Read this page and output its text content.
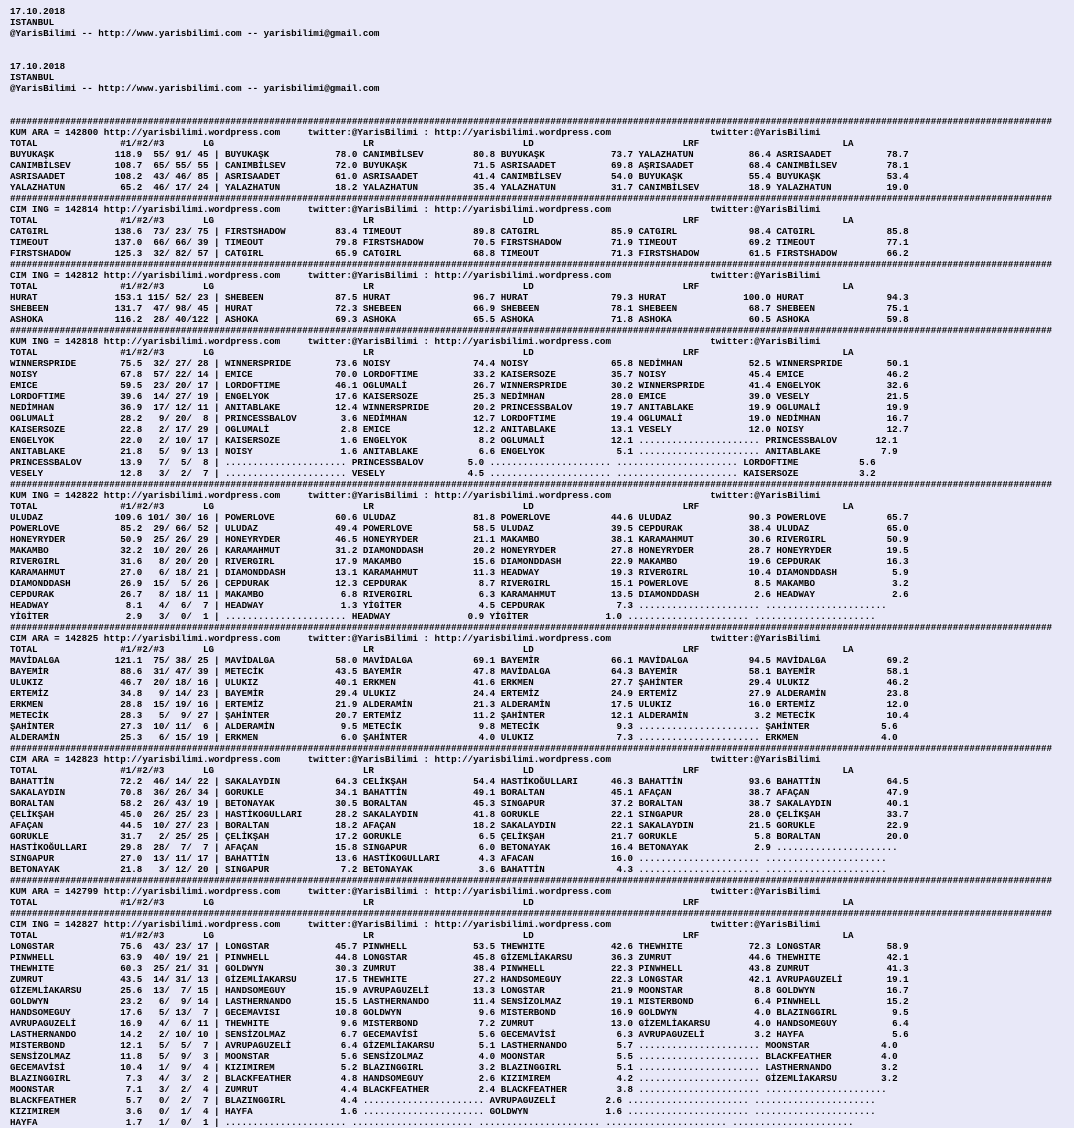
17.10.2018
ISTANBUL
@YarisBilimi -- http://www.yarisbilimi.com -- yarisbilimi@gmail.com
17.10.2018
ISTANBUL
@YarisBilimi -- http://www.yarisbilimi.com -- yarisbilimi@gmail.com
#############################################################################################################################################################################################
KUM ARA = 142800 http://yarisbilimi.wordpress.com     twitter:@YarisBilimi : http://yarisbilimi.wordpress.com                  twitter:@YarisBilimi
TOTAL               #1/#2/#3       LG                           LR                           LD                           LRF                          LA
BUYUKAŞK           118.9  55/ 91/ 45 | BUYUKAŞK            78.0 CANIMBİLSEV         80.8 BUYUKAŞK            73.7 YALAZHATUN          86.4 ASRISAADET          78.7
CANIMBİLSEV        108.7  65/ 55/ 55 | CANIMBİLSEV         72.0 BUYUKAŞK            71.5 ASRISAADET          69.8 AŞRISAADET          68.4 CANIMBİLSEV         78.1
ASRISAADET         108.2  43/ 46/ 85 | ASRISAADET          61.0 ASRISAADET          41.4 CANIMBİLSEV         54.0 BUYUKAŞK            55.4 BUYUKAŞK            53.4
YALAZHATUN          65.2  46/ 17/ 24 | YALAZHATUN          18.2 YALAZHATUN          35.4 YALAZHATUN          31.7 CANIMBİLSEV         18.9 YALAZHATUN          19.0
#############################################################################################################################################################################################
CIM ING = 142814 http://yarisbilimi.wordpress.com     twitter:@YarisBilimi : http://yarisbilimi.wordpress.com                  twitter:@YarisBilimi
TOTAL               #1/#2/#3       LG                           LR                           LD                           LRF                          LA
CATGIRL            138.6  73/ 23/ 75 | FIRSTSHADOW         83.4 TIMEOUT             89.8 CATGIRL             85.9 CATGIRL             98.4 CATGIRL             85.8
TIMEOUT            137.0  66/ 66/ 39 | TIMEOUT             79.8 FIRSTSHADOW         70.5 FIRSTSHADOW         71.9 TIMEOUT             69.2 TIMEOUT             77.1
FIRSTSHADOW        125.3  32/ 82/ 57 | CATGIRL             65.9 CATGIRL             68.8 TIMEOUT             71.3 FIRSTSHADOW         61.5 FIRSTSHADOW         66.2
#############################################################################################################################################################################################
CIM ING = 142812 http://yarisbilimi.wordpress.com     twitter:@YarisBilimi : http://yarisbilimi.wordpress.com                  twitter:@YarisBilimi
TOTAL               #1/#2/#3       LG                           LR                           LD                           LRF                          LA
HURAT              153.1 115/ 52/ 23 | SHEBEEN             87.5 HURAT               96.7 HURAT               79.3 HURAT              100.0 HURAT               94.3
SHEBEEN            131.7  47/ 98/ 45 | HURAT               72.3 SHEBEEN             66.9 SHEBEEN             78.1 SHEBEEN             68.7 SHEBEEN             75.1
ASHOKA             116.2  28/ 40/122 | ASHOKA              69.3 ASHOKA              65.5 ASHOKA              71.8 ASHOKA              60.5 ASHOKA              59.8
#############################################################################################################################################################################################
KUM ING = 142818 http://yarisbilimi.wordpress.com     twitter:@YarisBilimi : http://yarisbilimi.wordpress.com                  twitter:@YarisBilimi
TOTAL               #1/#2/#3       LG                           LR                           LD                           LRF                          LA
WINNERSPRIDE        75.5  32/ 27/ 28 | WINNERSPRIDE        73.6 NOISY               74.4 NOISY               65.8 NEDİMHAN            52.5 WINNERSPRIDE        50.1
NOISY               67.8  57/ 22/ 14 | EMICE               70.0 LORDOFTIME          33.2 KAISERSOZE          35.7 NOISY               45.4 EMICE               46.2
EMICE               59.5  23/ 20/ 17 | LORDOFTIME          46.1 OGLUMALİ            26.7 WINNERSPRIDE        30.2 WINNERSPRIDE        41.4 ENGELYOK            32.6
LORDOFTIME          39.6  14/ 27/ 19 | ENGELYOK            17.6 KAISERSOZE          25.3 NEDİMHAN            28.0 EMICE               39.0 VESELY              21.5
NEDİMHAN            36.9  17/ 12/ 11 | ANITABLAKE          12.4 WINNERSPRIDE        20.2 PRINCESSBALOV       19.7 ANITABLAKE          19.9 OGLUMALİ            19.9
OGLUMALİ            28.2   9/ 20/  8 | PRINCESSBALOV        3.6 NEDİMHAN            12.7 LORDOFTIME          19.4 OGLUMALİ            19.0 NEDİMHAN            16.7
KAISERSOZE          22.8   2/ 17/ 29 | OGLUMALİ             2.8 EMICE               12.2 ANITABLAKE          13.1 VESELY              12.0 NOISY               12.7
ENGELYOK            22.0   2/ 10/ 17 | KAISERSOZE           1.6 ENGELYOK             8.2 OGLUMALİ            12.1 ...................... PRINCESSBALOV       12.1
ANITABLAKE          21.8   5/  9/ 13 | NOISY                1.6 ANITABLAKE           6.6 ENGELYOK             5.1 ...................... ANITABLAKE           7.9
PRINCESSBALOV       13.9   7/  5/  8 | ...................... PRINCESSBALOV        5.0 ...................... ...................... LORDOFTIME           5.6
VESELY              12.8   3/  2/  7 | ...................... VESELY               4.5 ...................... ...................... KAISERSOZE           3.2
#############################################################################################################################################################################################
KUM ING = 142822 http://yarisbilimi.wordpress.com     twitter:@YarisBilimi : http://yarisbilimi.wordpress.com                  twitter:@YarisBilimi
TOTAL               #1/#2/#3       LG                           LR                           LD                           LRF                          LA
ULUDAZ             109.6 101/ 30/ 16 | POWERLOVE           60.6 ULUDAZ              81.8 POWERLOVE           44.6 ULUDAZ              90.3 POWERLOVE           65.7
POWERLOVE           85.2  29/ 66/ 52 | ULUDAZ              49.4 POWERLOVE           58.5 ULUDAZ              39.5 CEPDURAK            38.4 ULUDAZ              65.0
HONEYRYDER          50.9  25/ 26/ 29 | HONEYRYDER          46.5 HONEYRYDER          21.1 MAKAMBO             38.1 KARAMAHMUT          30.6 RIVERGIRL           50.9
MAKAMBO             32.2  10/ 20/ 26 | KARAMAHMUT          31.2 DIAMONDDASH         20.2 HONEYRYDER          27.8 HONEYRYDER          28.7 HONEYRYDER          19.5
RIVERGIRL           31.6   8/ 20/ 20 | RIVERGIRL           17.9 MAKAMBO             15.6 DIAMONDDASH         22.9 MAKAMBO             19.6 CEPDURAK            16.3
KARAMAHMUT          27.0   6/ 18/ 21 | DIAMONDDASH         13.1 KARAMAHMUT          11.3 HEADWAY             19.3 RIVERGIRL           10.4 DIAMONDDASH          5.9
DIAMONDDASH         26.9  15/  5/ 26 | CEPDURAK            12.3 CEPDURAK             8.7 RIVERGIRL           15.1 POWERLOVE            8.5 MAKAMBO              3.2
CEPDURAK            26.7   8/ 18/ 11 | MAKAMBO              6.8 RIVERGIRL            6.3 KARAMAHMUT          13.5 DIAMONDDASH          2.6 HEADWAY              2.6
HEADWAY              8.1   4/  6/  7 | HEADWAY              1.3 YİGİTER              4.5 CEPDURAK             7.3 ...................... ......................
YİGİTER              2.9   3/  0/  1 | ...................... HEADWAY              0.9 YİGİTER              1.0 ...................... ......................
#############################################################################################################################################################################################
CIM ARA = 142825 http://yarisbilimi.wordpress.com     twitter:@YarisBilimi : http://yarisbilimi.wordpress.com                  twitter:@YarisBilimi
TOTAL               #1/#2/#3       LG                           LR                           LD                           LRF                          LA
MAVİDALGA          121.1  75/ 38/ 25 | MAVİDALGA           58.0 MAVİDALGA           69.1 BAYEMİR             66.1 MAVİDALGA           94.5 MAVİDALGA           69.2
BAYEMİR             88.6  31/ 47/ 39 | METECİK             43.5 BAYEMİR             47.8 MAVİDALGA           64.3 BAYEMİR             58.1 BAYEMİR             58.1
ULUKIZ              46.7  20/ 18/ 16 | ULUKIZ              40.1 ERKMEN              41.6 ERKMEN              27.7 ŞAHİNTER            29.4 ULUKIZ              46.2
ERTEMİZ             34.8   9/ 14/ 23 | BAYEMİR             29.4 ULUKIZ              24.4 ERTEMİZ             24.9 ERTEMİZ             27.9 ALDERAMİN           23.8
ERKMEN              28.8  15/ 19/ 16 | ERTEMİZ             21.9 ALDERAMİN           21.3 ALDERAMİN           17.5 ULUKIZ              16.0 ERTEMİZ             12.0
METECİK             28.3   5/  9/ 27 | ŞAHİNTER            20.7 ERTEMİZ             11.2 ŞAHİNTER            12.1 ALDERAMİN            3.2 METECİK             10.4
ŞAHİNTER            27.3  10/ 11/  6 | ALDERAMİN            9.5 METECİK              9.8 METECİK              9.3 ...................... ŞAHİNTER             5.6
ALDERAMİN           25.3   6/ 15/ 19 | ERKMEN               6.0 ŞAHİNTER             4.0 ULUKIZ               7.3 ...................... ERKMEN               4.0
#############################################################################################################################################################################################
CIM ARA = 142823 http://yarisbilimi.wordpress.com     twitter:@YarisBilimi : http://yarisbilimi.wordpress.com                  twitter:@YarisBilimi
TOTAL               #1/#2/#3       LG                           LR                           LD                           LRF                          LA
BAHATTİN            72.2  46/ 14/ 22 | SAKALAYDIN          64.3 CELİKŞAH            54.4 HASTİKOĞULLARI      46.3 BAHATTİN            93.6 BAHATTİN            64.5
SAKALAYDIN          70.8  36/ 26/ 34 | GORUKLE             34.1 BAHATTİN            49.1 BORALTAN            45.1 AFAÇAN              38.7 AFAÇAN              47.9
BORALTAN            58.2  26/ 43/ 19 | BETONAYAK           30.5 BORALTAN            45.3 SINGAPUR            37.2 BORALTAN            38.7 SAKALAYDIN          40.1
ÇELİKŞAH            45.0  26/ 25/ 23 | HASTİKOGULLARI      28.2 SAKALAYDIN          41.8 GORUKLE             22.1 SINGAPUR            28.0 ÇELİKŞAH            33.7
AFAÇAN              44.5  10/ 27/ 23 | BORALTAN            18.2 AFAÇAN              18.2 SAKALAYDIN          22.1 SAKALAYDIN          21.5 GORUKLE             22.9
GORUKLE             31.7   2/ 25/ 25 | ÇELİKŞAH            17.2 GORUKLE              6.5 ÇELİKŞAH            21.7 GORUKLE              5.8 BORALTAN            20.0
HASTİKOĞULLARI      29.8  28/  7/  7 | AFAÇAN              15.8 SINGAPUR             6.0 BETONAYAK           16.4 BETONAYAK            2.9 ......................
SINGAPUR            27.0  13/ 11/ 17 | BAHATTİN            13.6 HASTİKOGULLARI       4.3 AFACAN              16.0 ...................... ......................
BETONAYAK           21.8   3/ 12/ 20 | SINGAPUR             7.2 BETONAYAK            3.6 BAHATTİN             4.3 ...................... ......................
#############################################################################################################################################################################################
KUM ARA = 142799 http://yarisbilimi.wordpress.com     twitter:@YarisBilimi : http://yarisbilimi.wordpress.com                  twitter:@YarisBilimi
TOTAL               #1/#2/#3       LG                           LR                           LD                           LRF                          LA
#############################################################################################################################################################################################
CIM ING = 142827 http://yarisbilimi.wordpress.com     twitter:@YarisBilimi : http://yarisbilimi.wordpress.com                  twitter:@YarisBilimi
TOTAL               #1/#2/#3       LG                           LR                           LD                           LRF                          LA
LONGSTAR            75.6  43/ 23/ 17 | LONGSTAR            45.7 PINWHELL            53.5 THEWHITE            42.6 THEWHITE            72.3 LONGSTAR            58.9
PINWHELL            63.9  40/ 19/ 21 | PINWHELL            44.8 LONGSTAR            45.8 GİZEMLİAKARSU       36.3 ZUMRUT              44.6 THEWHITE            42.1
THEWHITE            60.3  25/ 21/ 31 | GOLDWYN             30.3 ZUMRUT              38.4 PINWHELL            22.3 PINWHELL            43.8 ZUMRUT              41.3
ZUMRUT              43.5  14/ 31/ 13 | GİZEMLİAKARSU       17.5 THEWHITE            27.2 HANDSOMEGUY         22.3 LONGSTAR            42.1 AVRUPAGUZELİ        19.1
GİZEMLİAKARSU       25.6  13/  7/ 15 | HANDSOMEGUY         15.9 AVRUPAGUZELİ        13.3 LONGSTAR            21.9 MOONSTAR             8.8 GOLDWYN             16.7
GOLDWYN             23.2   6/  9/ 14 | LASTHERNANDO        15.5 LASTHERNANDO        11.4 SENSİZOLMAZ         19.1 MISTERBOND           6.4 PINWHELL            15.2
HANDSOMEGUY         17.6   5/ 13/  7 | GECEMAVISI          10.8 GOLDWYN              9.6 MISTERBOND          16.9 GOLDWYN              4.0 BLAZINGGIRL          9.5
AVRUPAGUZELİ        16.9   4/  6/ 11 | THEWHITE             9.6 MISTERBOND           7.2 ZUMRUT              13.0 GİZEMLİAKARSU        4.0 HANDSOMEGUY          6.4
LASTHERNANDO        14.2   2/ 10/ 10 | SENSİZOLMAZ          6.7 GECEMAVİSİ           5.6 GECEMAVİSİ           6.3 AVRUPAGUZELİ         3.2 HAYFA                5.6
MISTERBOND          12.1   5/  5/  7 | AVRUPAGUZELİ         6.4 GİZEMLİAKARSU        5.1 LASTHERNANDO         5.7 ...................... MOONSTAR             4.0
SENSİZOLMAZ         11.8   5/  9/  3 | MOONSTAR             5.6 SENSİZOLMAZ          4.0 MOONSTAR             5.5 ...................... BLACKFEATHER         4.0
GECEMAVİSİ          10.4   1/  9/  4 | KIZIMIREM            5.2 BLAZINGGIRL          3.2 BLAZINGGIRL          5.1 ...................... LASTHERNANDO         3.2
BLAZINGGIRL          7.3   4/  3/  2 | BLACKFEATHER         4.8 HANDSOMEGUY          2.6 KIZIMIREM            4.2 ...................... GİZEMLİAKARSU        3.2
MOONSTAR             7.1   3/  2/  4 | ZUMRUT               4.4 BLACKFEATHER         2.4 BLACKFEATHER         3.8 ...................... ......................
BLACKFEATHER         5.7   0/  2/  7 | BLAZINGGIRL          4.4 ...................... AVRUPAGUZELİ         2.6 ...................... ......................
KIZIMIREM            3.6   0/  1/  4 | HAYFA                1.6 ...................... GOLDWYN              1.6 ...................... ......................
HAYFA                1.7   1/  0/  1 | ...................... ...................... ...................... ...................... ......................
